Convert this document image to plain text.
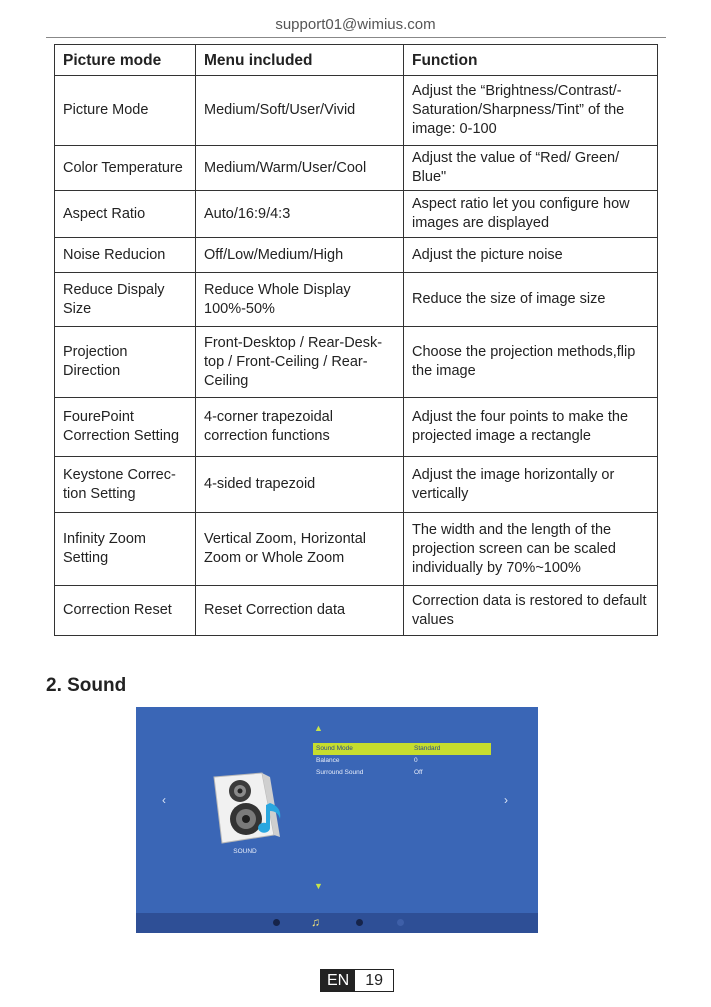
support01@wimius.com
Picture mode	Menu included	Function
Picture Mode	Medium/Soft/User/Vivid	Adjust the “Brightness/Contrast/-Saturation/Sharpness/Tint” of the image: 0-100
Color Temperature	Medium/Warm/User/Cool	Adjust the value of “Red/ Green/ Blue"
Aspect Ratio	Auto/16:9/4:3	Aspect ratio let you configure how images are displayed
Noise Reducion	Off/Low/Medium/High	Adjust the picture noise
Reduce Dispaly Size	Reduce Whole Display 100%-50%	Reduce the size of image size
Projection Direction	Front-Desktop / Rear-Desk-top / Front-Ceiling / Rear-Ceiling	Choose the projection methods,flip the image
FourePoint Correction Setting	4-corner trapezoidal correction functions	Adjust the four points to make the projected image a rectangle
Keystone Correc-tion Setting	4-sided trapezoid	Adjust the image horizontally or vertically
Infinity Zoom Setting	Vertical Zoom, Horizontal Zoom or Whole Zoom	The width and the length of the projection screen can be scaled individually by 70%~100%
Correction Reset	Reset Correction data	Correction data is restored to default values
2. Sound
▲
‹	›
Sound Mode	Standard
Balance	0
Surround Sound	Off
SOUND
▼
♫
EN	19
